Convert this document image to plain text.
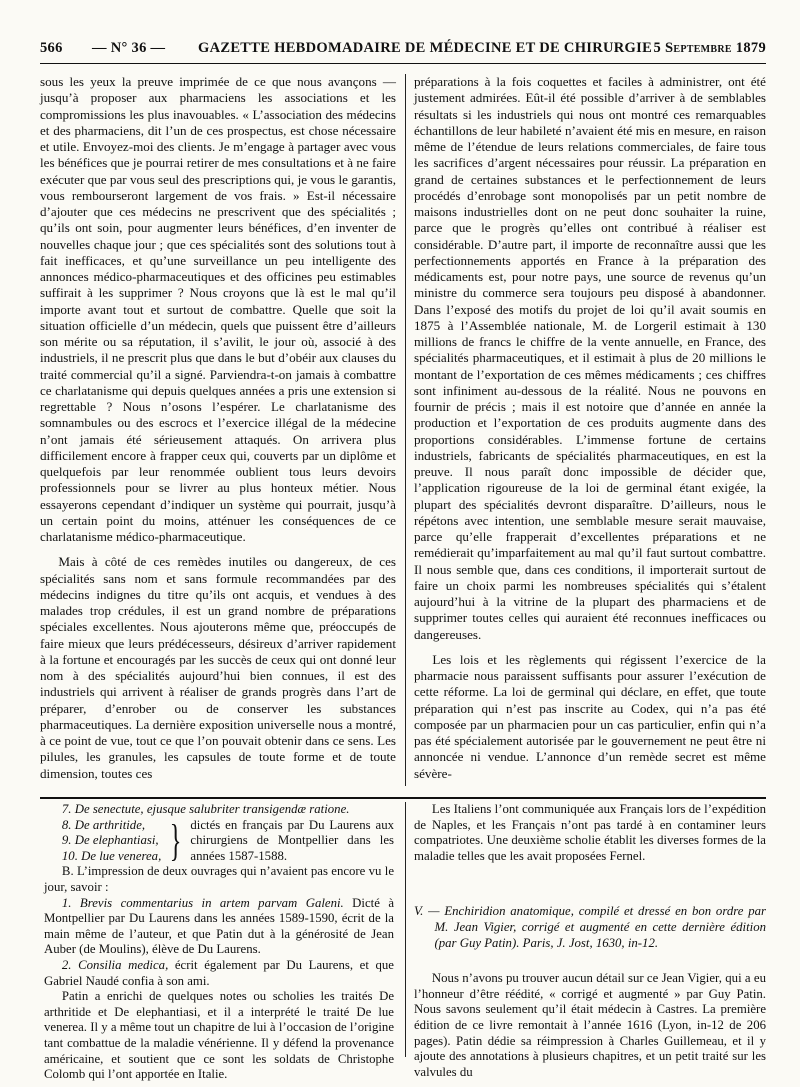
566 — N° 36 — GAZETTE HEBDOMADAIRE DE MÉDECINE ET DE CHIRURGIE 5 Septembre 1879

sous les yeux la preuve imprimée de ce que nous avançons — jusqu’à proposer aux pharmaciens les associations et les compromissions les plus inavouables. « L’association des médecins et des pharmaciens, dit l’un de ces prospectus, est chose nécessaire et utile. Envoyez-moi des clients. Je m’engage à partager avec vous les bénéfices que je pourrai retirer de mes consultations et à ne faire exécuter que par vous seul des prescriptions qui, je vous le garantis, vous rembourseront largement de vos frais. » Est-il nécessaire d’ajouter que ces médecins ne prescrivent que des spécialités ; qu’ils ont soin, pour augmenter leurs bénéfices, d’en inventer de nouvelles chaque jour ; que ces spécialités sont des solutions tout à fait inefficaces, et qu’une surveillance un peu intelligente des annonces médico-pharmaceutiques et des officines peu estimables suffirait à les supprimer ? Nous croyons que là est le mal qu’il importe avant tout et surtout de combattre. Quelle que soit la situation officielle d’un médecin, quels que puissent être d’ailleurs son mérite ou sa réputation, il s’avilit, le jour où, associé à des industriels, il ne prescrit plus que dans le but d’obéir aux clauses du traité commercial qu’il a signé. Parviendra-t-on jamais à combattre ce charlatanisme qui depuis quelques années a pris une extension si regrettable ? Nous n’osons l’espérer. Le charlatanisme des somnambules ou des escrocs et l’exercice illégal de la médecine n’ont jamais été sérieusement attaqués. On arrivera plus difficilement encore à frapper ceux qui, couverts par un diplôme et quelquefois par leur renommée oublient tous leurs devoirs professionnels pour se livrer au plus honteux métier. Nous essayerons cependant d’indiquer un système qui pourrait, jusqu’à un certain point du moins, atténuer les conséquences de ce charlatanisme médico-pharmaceutique.

Mais à côté de ces remèdes inutiles ou dangereux, de ces spécialités sans nom et sans formule recommandées par des médecins indignes du titre qu’ils ont acquis, et vendues à des malades trop crédules, il est un grand nombre de préparations spéciales excellentes. Nous ajouterons même que, préoccupés de faire mieux que leurs prédécesseurs, désireux d’arriver rapidement à la fortune et encouragés par les succès de ceux qui ont donné leur nom à des spécialités aujourd’hui bien connues, il est des industriels qui arrivent à réaliser de grands progrès dans l’art de préparer, d’enrober ou de conserver les substances pharmaceutiques. La dernière exposition universelle nous a montré, à ce point de vue, tout ce que l’on pouvait obtenir dans ce sens. Les pilules, les granules, les capsules de toute forme et de toute dimension, toutes ces

préparations à la fois coquettes et faciles à administrer, ont été justement admirées. Eût-il été possible d’arriver à de semblables résultats si les industriels qui nous ont montré ces remarquables échantillons de leur habileté n’avaient été mis en mesure, en raison même de l’étendue de leurs relations commerciales, de faire tous les sacrifices d’argent nécessaires pour réussir. La préparation en grand de certaines substances et le perfectionnement de leurs procédés d’enrobage sont monopolisés par un petit nombre de maisons industrielles dont on ne peut donc souhaiter la ruine, parce que le progrès qu’elles ont contribué à réaliser est considérable. D’autre part, il importe de reconnaître aussi que les perfectionnements apportés en France à la préparation des médicaments est, pour notre pays, une source de revenus qu’un ministre du commerce sera toujours peu disposé à abandonner. Dans l’exposé des motifs du projet de loi qu’il avait soumis en 1875 à l’Assemblée nationale, M. de Lorgeril estimait à 130 millions de francs le chiffre de la vente annuelle, en France, des spécialités pharmaceutiques, et il estimait à plus de 20 millions le montant de l’exportation de ces mêmes médicaments ; ces chiffres sont infiniment au-dessous de la réalité. Nous ne pouvons en fournir de précis ; mais il est notoire que d’année en année la production et l’exportation de ces produits augmente dans des proportions considérables. L’immense fortune de certains industriels, fabricants de spécialités pharmaceutiques, en est la preuve. Il nous paraît donc impossible de décider que, l’application rigoureuse de la loi de germinal étant exigée, la plupart des spécialités devront disparaître. D’ailleurs, nous le répétons avec intention, une semblable mesure serait mauvaise, parce qu’elle frapperait d’excellentes préparations et ne remédierait qu’imparfaitement au mal qu’il faut surtout combattre. Il nous semble que, dans ces conditions, il importerait surtout de faire un choix parmi les nombreuses spécialités qui s’étalent aujourd’hui à la vitrine de la plupart des pharmaciens et de supprimer toutes celles qui auraient été reconnues inefficaces ou dangereuses.

Les lois et les règlements qui régissent l’exercice de la pharmacie nous paraissent suffisants pour assurer l’exécution de cette réforme. La loi de germinal qui déclare, en effet, que toute préparation qui n’est pas inscrite au Codex, qui n’a pas été composée par un pharmacien pour un cas particulier, enfin qui n’a pas été spécialement autorisée par le gouvernement ne peut être ni annoncée ni vendue. L’annonce d’un remède secret est même sévère-

7. De senectute, ejusque salubriter transigendæ ratione.

8. De arthritide,
9. De elephantiasi,
10. De lue venerea, } dictés en français par Du Laurens aux chirurgiens de Montpellier dans les années 1587-1588.

B. L’impression de deux ouvrages qui n’avaient pas encore vu le jour, savoir :

1. Brevis commentarius in artem parvam Galeni. Dicté à Montpellier par Du Laurens dans les années 1589-1590, écrit de la main même de l’auteur, et que Patin dut à la générosité de Jean Auber (de Moulins), élève de Du Laurens.

2. Consilia medica, écrit également par Du Laurens, et que Gabriel Naudé confia à son ami.

Patin a enrichi de quelques notes ou scholies les traités De arthritide et De elephantiasi, et il a interprété le traité De lue venerea. Il y a même tout un chapitre de lui à l’occasion de l’origine tant combattue de la maladie vénérienne. Il y défend la provenance américaine, et soutient que ce sont les soldats de Christophe Colomb qui l’ont apportée en Italie.

Les Italiens l’ont communiquée aux Français lors de l’expédition de Naples, et les Français n’ont pas tardé à en contaminer leurs compatriotes. Une deuxième scholie établit les diverses formes de la maladie telles que les avait proposées Fernel.

V. — Enchiridion anatomique, compilé et dressé en bon ordre par M. Jean Vigier, corrigé et augmenté en cette dernière édition (par Guy Patin). Paris, J. Jost, 1630, in-12.

Nous n’avons pu trouver aucun détail sur ce Jean Vigier, qui a eu l’honneur d’être réédité, « corrigé et augmenté » par Guy Patin. Nous savons seulement qu’il était médecin à Castres. La première édition de ce livre remontait à l’année 1616 (Lyon, in-12 de 206 pages). Patin dédie sa réimpression à Charles Guillemeau, et il y ajoute des annotations à plusieurs chapitres, et un petit traité sur les valvules du
